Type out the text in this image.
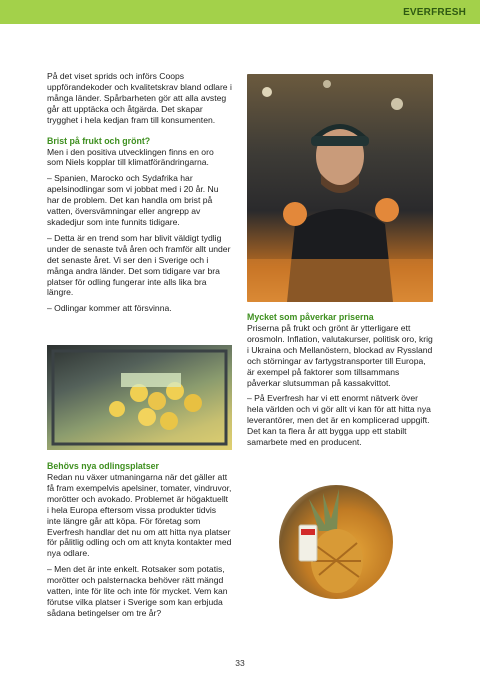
EVERFRESH

På det viset sprids och införs Coops uppförandekoder och kvalitetskrav bland odlare i många länder. Spårbarheten gör att alla avsteg går att upptäcka och åtgärda. Det skapar trygghet i hela kedjan fram till konsumenten.

Brist på frukt och grönt?

Men i den positiva utvecklingen finns en oro som Niels kopplar till klimatförändringarna.

– Spanien, Marocko och Sydafrika har apelsinodlingar som vi jobbat med i 20 år. Nu har de problem. Det kan handla om brist på vatten, översvämningar eller angrepp av skadedjur som inte funnits tidigare.

– Detta är en trend som har blivit väldigt tydlig under de senaste två åren och framför allt under det senaste året. Vi ser den i Sverige och i många andra länder. Det som tidigare var bra platser för odling fungerar inte alls lika bra längre.

– Odlingar kommer att försvinna.

Behövs nya odlingsplatser

Redan nu växer utmaningarna när det gäller att få fram exempelvis apelsiner, tomater, vindruvor, morötter och avokado. Problemet är högaktuellt i hela Europa eftersom vissa produkter tidvis inte längre går att köpa. För företag som Everfresh handlar det nu om att hitta nya platser för pålitlig odling och om att knyta kontakter med nya odlare.

– Men det är inte enkelt. Rotsaker som potatis, morötter och palsternacka behöver rätt mängd vatten, inte för lite och inte för mycket. Vem kan förutse vilka platser i Sverige som kan erbjuda sådana betingelser om tre år?

Mycket som påverkar priserna

Priserna på frukt och grönt är ytterligare ett orosmoln. Inflation, valutakurser, politisk oro, krig i Ukraina och Mellanöstern, blockad av Ryssland och störningar av fartygstransporter till Europa, är exempel på faktorer som tillsammans påverkar slutsumman på kassakvittot.

– På Everfresh har vi ett enormt nätverk över hela världen och vi gör allt vi kan för att hitta nya leverantörer, men det är en komplicerad uppgift. Det kan ta flera år att bygga upp ett stabilt samarbete med en producent.

33
